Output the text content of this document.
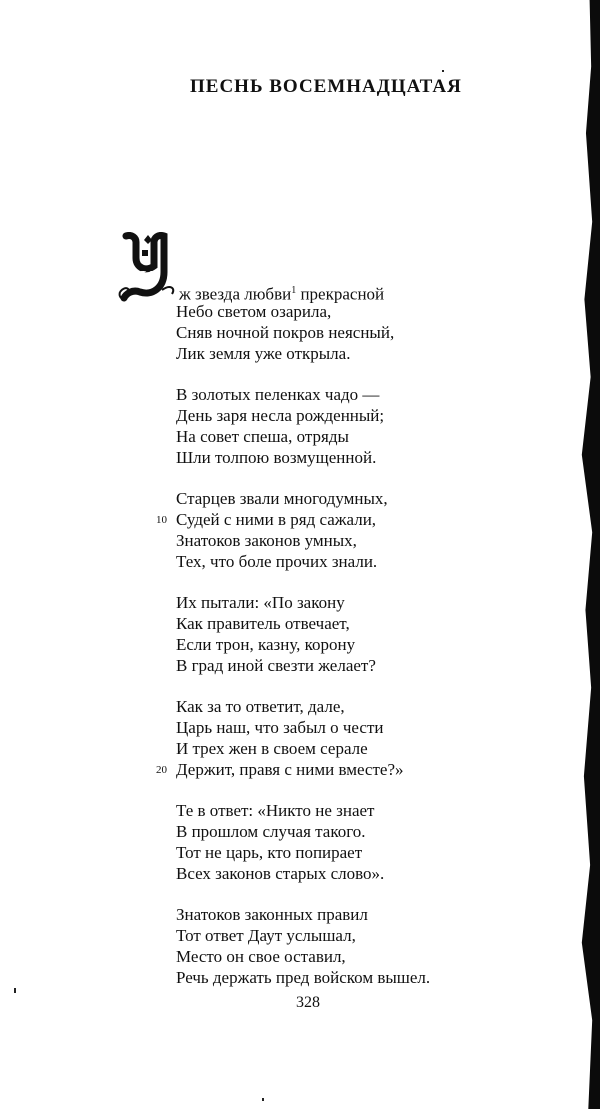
ПЕСНЬ ВОСЕМНАДЦАТАЯ
У
ж звезда любви$^1$ прекрасной
Небо светом озарила,
Сняв ночной покров неясный,
Лик земля уже открыла.
В золотых пеленках чадо —
День заря несла рожденный;
На совет спеша, отряды
Шли толпою возмущенной.
Старцев звали многодумных,
10 Судей с ними в ряд сажали,
Знатоков законов умных,
Тех, что боле прочих знали.
Их пытали: «По закону
Как правитель отвечает,
Если трон, казну, корону
В град иной свезти желает?
Как за то ответит, дале,
Царь наш, что забыл о чести
И трех жен в своем серале
20 Держит, правя с ними вместе?»
Те в ответ: «Никто не знает
В прошлом случая такого.
Тот не царь, кто попирает
Всех законов старых слово».
Знатоков законных правил
Тот ответ Даут услышал,
Место он свое оставил,
Речь держать пред войском вышел.
328
